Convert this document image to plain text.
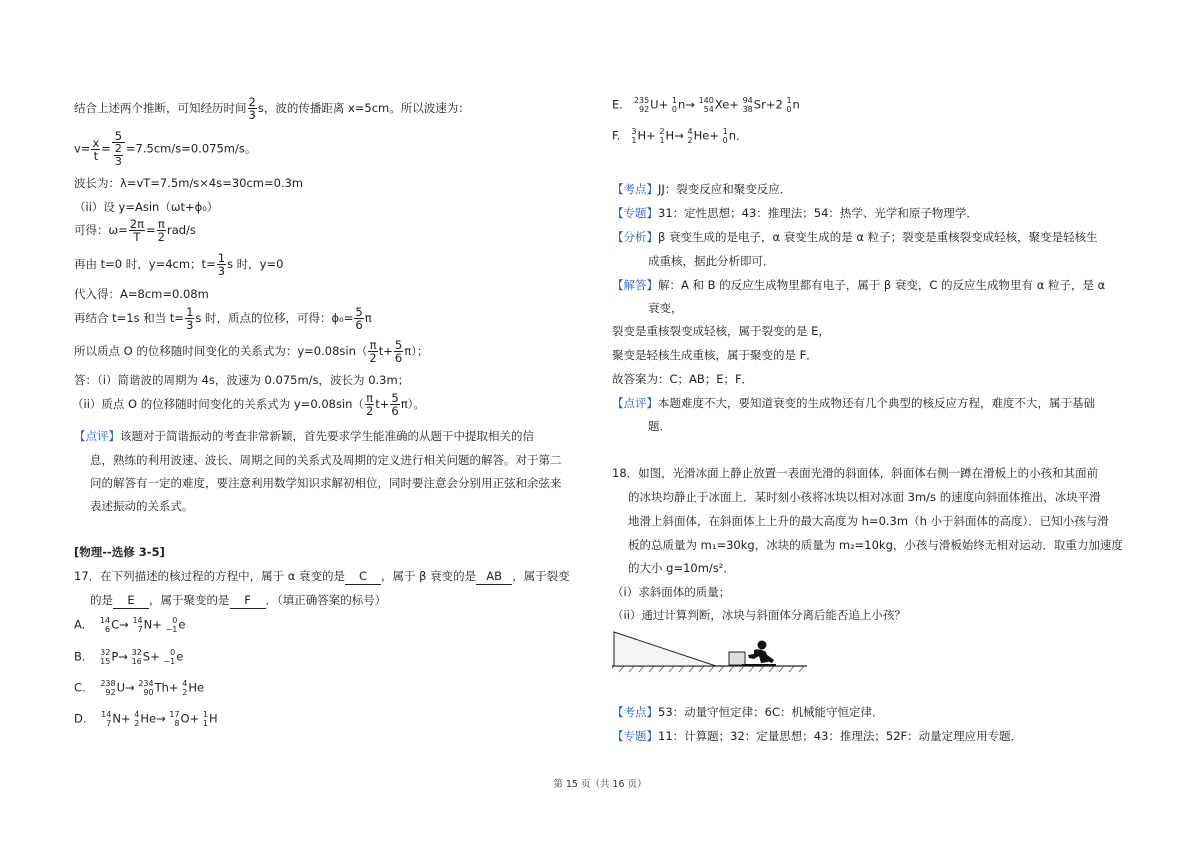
结合上述两个推断，可知经历时间 $\frac{2}{3}$ s，波的传播距离 x=5cm。所以波速为：
$v= \frac{x}{t} = \frac{5}{\frac{2}{3}} =7.5cm/s=0.075m/s$。
波长为：λ=vT=7.5m/s×4s=30cm=0.3m
（ii）设 y=Asin（ωt+ϕ₀）
可得：$\omega= \frac{2\pi}{T} = \frac{\pi}{2} rad/s$
再由 t=0 时，y=4cm；$t= \frac{1}{3}$ s 时，y=0
代入得：A=8cm=0.08m
再结合 t=1s 和当 $t= \frac{1}{3}$ s 时，质点的位移，可得：$\phi_0= \frac{5}{6}$ π
所以质点 O 的位移随时间变化的关系式为：$y=0.08\sin( \frac{\pi}{2} t+ \frac{5}{6} \pi)$；
答：（i）简谐波的周期为 4s，波速为 0.075m/s，波长为 0.3m；
（ii）质点 O 的位移随时间变化的关系式为 $y=0.08\sin( \frac{\pi}{2} t+ \frac{5}{6} \pi)$。
【点评】该题对于简谐振动的考查非常新颖，首先要求学生能准确的从题干中提取相关的信
息，熟练的利用波速、波长、周期之间的关系式及周期的定义进行相关问题的解答。对于第二
问的解答有一定的难度，要注意利用数学知识求解初相位，同时要注意会分别用正弦和余弦来
表述振动的关系式。
[物理--选修 3-5]
17．在下列描述的核过程的方程中，属于 α 衰变的是 C ，属于 β 衰变的是 AB ，属于裂变
的是 E ，属于聚变的是 F ．（填正确答案的标号）
A. 14
6 C→ 14
7 N+	0
−1 e
B. 32
15 P→ 32
16 S+	0
−1 e
C. 238
92 U→ 234
90 Th+ 4
2 He
D. 14
7 N+ 4
2 He→ 17
8 O+ 1
1 H
E. 235
92 U+ 1
0 n→ 140
54 Xe+ 94
38 Sr+2 1
0 n
F. 3
1 H+ 2
1 H→ 4
2 He+ 1
0 n．
【考点】JJ：裂变反应和聚变反应．
【专题】31：定性思想；43：推理法；54：热学、光学和原子物理学．
【分析】β 衰变生成的是电子，α 衰变生成的是 α 粒子；裂变是重核裂变成轻核，聚变是轻核生
成重核，据此分析即可．
【解答】解：A 和 B 的反应生成物里都有电子，属于 β 衰变，C 的反应生成物里有 α 粒子，是 α
衰变，
裂变是重核裂变成轻核，属于裂变的是 E，
聚变是轻核生成重核，属于聚变的是 F．
故答案为：C；AB；E；F．
【点评】本题难度不大，要知道衰变的生成物还有几个典型的核反应方程，难度不大，属于基础
题．
18．如图，光滑冰面上静止放置一表面光滑的斜面体，斜面体右侧一蹲在滑板上的小孩和其面前
的冰块均静止于冰面上．某时刻小孩将冰块以相对冰面 3m/s 的速度向斜面体推出，冰块平滑
地滑上斜面体，在斜面体上上升的最大高度为 h=0.3m（h 小于斜面体的高度）．已知小孩与滑
板的总质量为 m₁=30kg，冰块的质量为 m₂=10kg，小孩与滑板始终无相对运动．取重力加速度
的大小 g=10m/s²．
（i）求斜面体的质量；
（ii）通过计算判断，冰块与斜面体分离后能否追上小孩？
【考点】53：动量守恒定律；6C：机械能守恒定律．
【专题】11：计算题；32：定量思想；43：推理法；52F：动量定理应用专题．
第 15 页（共 16 页）
